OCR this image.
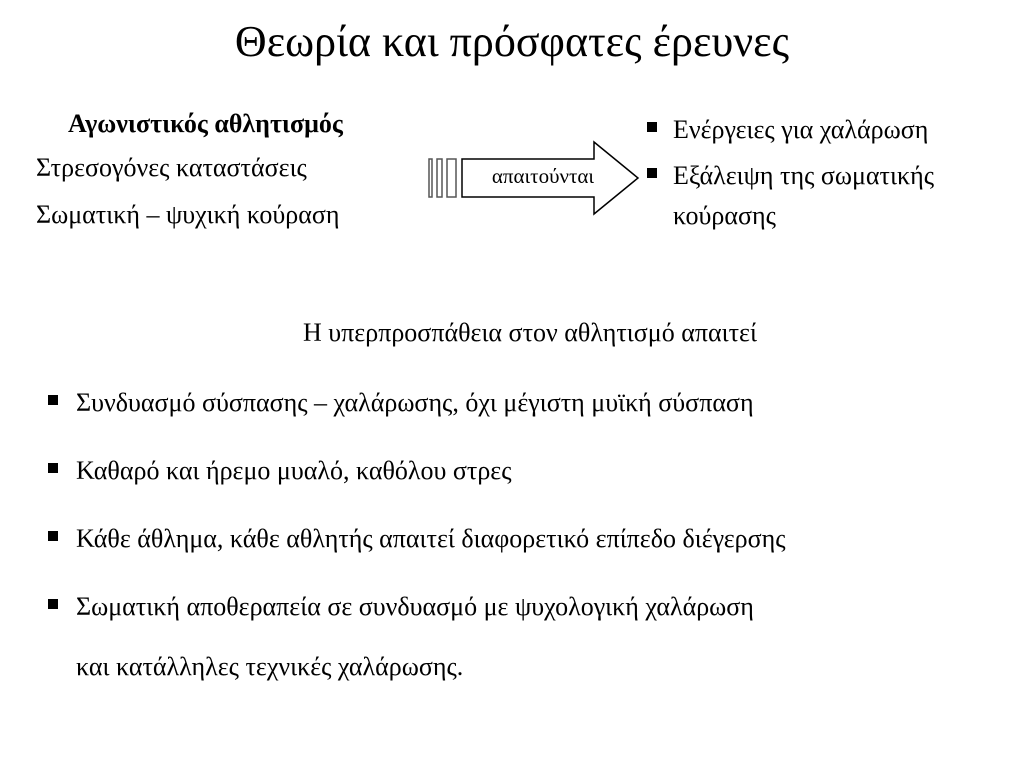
Θεωρία και πρόσφατες έρευνες
Αγωνιστικός αθλητισμός
Στρεσογόνες καταστάσεις
Σωματική – ψυχική κούραση
απαιτούνται
Ενέργειες για χαλάρωση
Εξάλειψη της σωματικής κούρασης
Η υπερπροσπάθεια στον αθλητισμό απαιτεί
Συνδυασμό σύσπασης – χαλάρωσης, όχι μέγιστη μυϊκή σύσπαση
Καθαρό και ήρεμο μυαλό, καθόλου στρες
Κάθε άθλημα, κάθε αθλητής απαιτεί διαφορετικό επίπεδο διέγερσης
Σωματική αποθεραπεία σε συνδυασμό με ψυχολογική χαλάρωση
και κατάλληλες τεχνικές χαλάρωσης.
